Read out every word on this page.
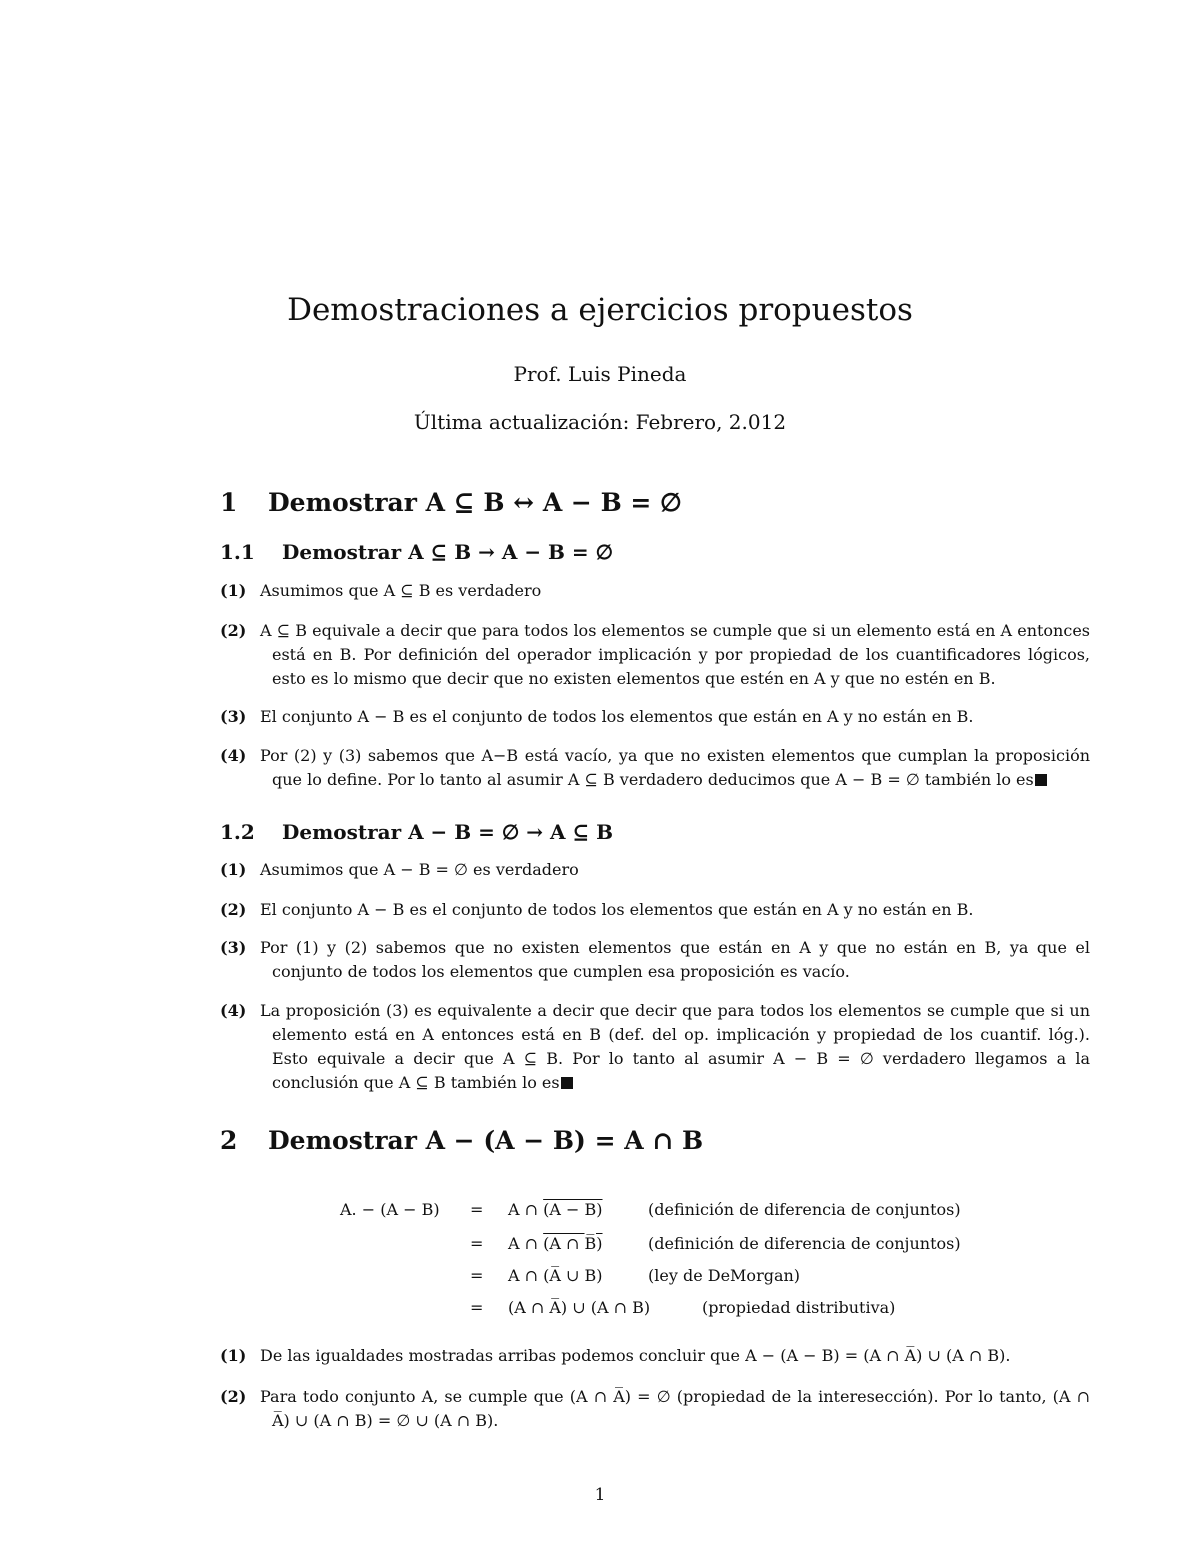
Demostraciones a ejercicios propuestos
Prof. Luis Pineda
Última actualización: Febrero, 2.012
1 Demostrar A ⊆ B ↔ A − B = ∅
1.1 Demostrar A ⊆ B → A − B = ∅
(1) Asumimos que A ⊆ B es verdadero
(2) A ⊆ B equivale a decir que para todos los elementos se cumple que si un elemento está en A entonces está en B. Por definición del operador implicación y por propiedad de los cuantificadores lógicos, esto es lo mismo que decir que no existen elementos que estén en A y que no estén en B.
(3) El conjunto A − B es el conjunto de todos los elementos que están en A y no están en B.
(4) Por (2) y (3) sabemos que A−B está vacío, ya que no existen elementos que cumplan la proposición que lo define. Por lo tanto al asumir A ⊆ B verdadero deducimos que A − B = ∅ también lo es
1.2 Demostrar A − B = ∅ → A ⊆ B
(1) Asumimos que A − B = ∅ es verdadero
(2) El conjunto A − B es el conjunto de todos los elementos que están en A y no están en B.
(3) Por (1) y (2) sabemos que no existen elementos que están en A y que no están en B, ya que el conjunto de todos los elementos que cumplen esa proposición es vacío.
(4) La proposición (3) es equivalente a decir que decir que para todos los elementos se cumple que si un elemento está en A entonces está en B (def. del op. implicación y propiedad de los cuantif. lóg.). Esto equivale a decir que A ⊆ B. Por lo tanto al asumir A − B = ∅ verdadero llegamos a la conclusión que A ⊆ B también lo es
2 Demostrar A − (A − B) = A ∩ B
A. − (A − B) = A ∩ (A − B)	(definición de diferencia de conjuntos)
= A ∩ (A ∩ B̅)	(definición de diferencia de conjuntos)
= A ∩ (A̅ ∪ B)	(ley de DeMorgan)
= (A ∩ A̅) ∪ (A ∩ B)	(propiedad distributiva)
(1) De las igualdades mostradas arribas podemos concluir que A − (A − B) = (A ∩ A̅) ∪ (A ∩ B).
(2) Para todo conjunto A, se cumple que (A ∩ A̅) = ∅ (propiedad de la interesección). Por lo tanto, (A ∩ A̅) ∪ (A ∩ B) = ∅ ∪ (A ∩ B).
1
